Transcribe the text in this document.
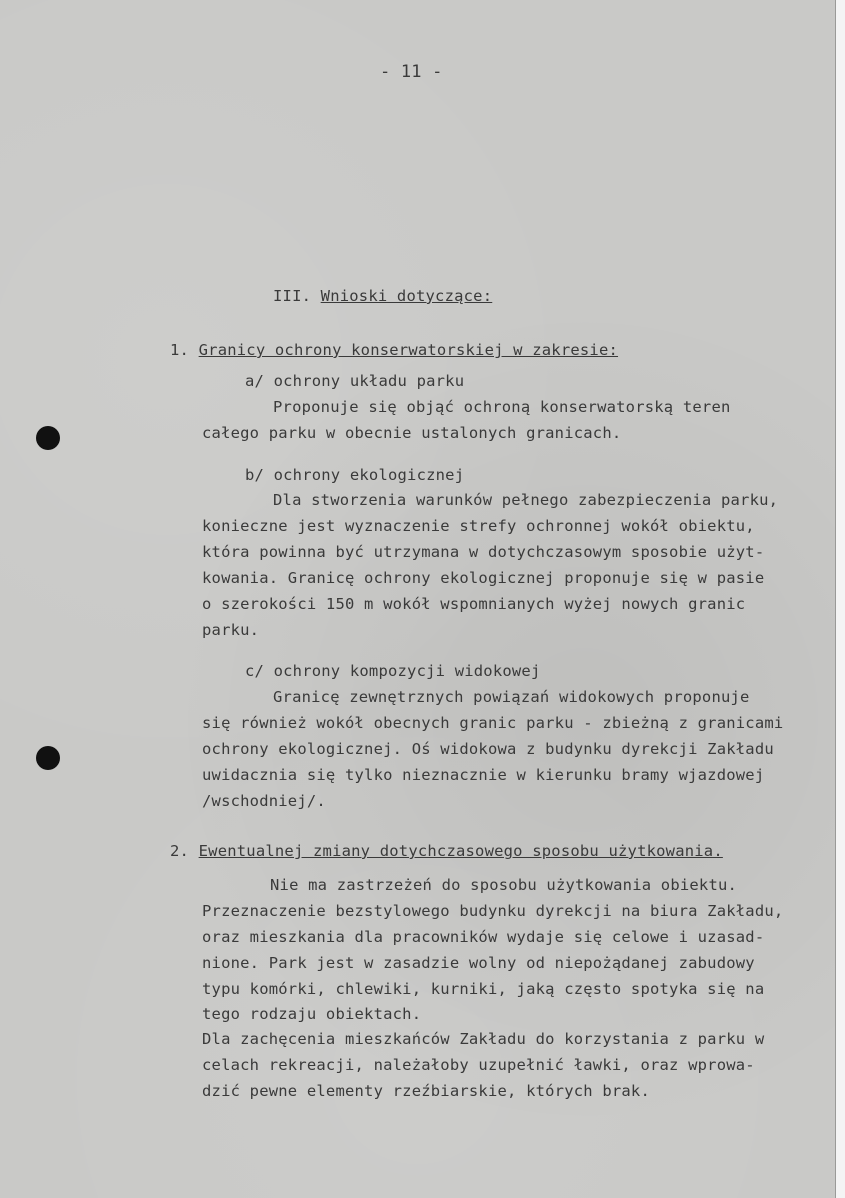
- 11 -
III. Wnioski dotyczące:
1. Granicy ochrony konserwatorskiej w zakresie:
a/ ochrony układu parku
Proponuje się objąć ochroną konserwatorską teren
całego parku w obecnie ustalonych granicach.
b/ ochrony ekologicznej
Dla stworzenia warunków pełnego zabezpieczenia parku,
konieczne jest wyznaczenie strefy ochronnej wokół obiektu,
która powinna być utrzymana w dotychczasowym sposobie użyt-
kowania. Granicę ochrony ekologicznej proponuje się w pasie
o szerokości 150 m wokół wspomnianych wyżej nowych granic
parku.
c/ ochrony kompozycji widokowej
Granicę zewnętrznych powiązań widokowych proponuje
się również wokół obecnych granic parku - zbieżną z granicami
ochrony ekologicznej. Oś widokowa z budynku dyrekcji Zakładu
uwidacznia się tylko nieznacznie w kierunku bramy wjazdowej
/wschodniej/.
2. Ewentualnej zmiany dotychczasowego sposobu użytkowania.
Nie ma zastrzeżeń do sposobu użytkowania obiektu.
Przeznaczenie bezstylowego budynku dyrekcji na biura Zakładu,
oraz mieszkania dla pracowników wydaje się celowe i uzasad-
nione. Park jest w zasadzie wolny od niepożądanej zabudowy
typu komórki, chlewiki, kurniki, jaką często spotyka się na
tego rodzaju obiektach.
Dla zachęcenia mieszkańców Zakładu do korzystania z parku w
celach rekreacji, należałoby uzupełnić ławki, oraz wprowa-
dzić pewne elementy rzeźbiarskie, których brak.
